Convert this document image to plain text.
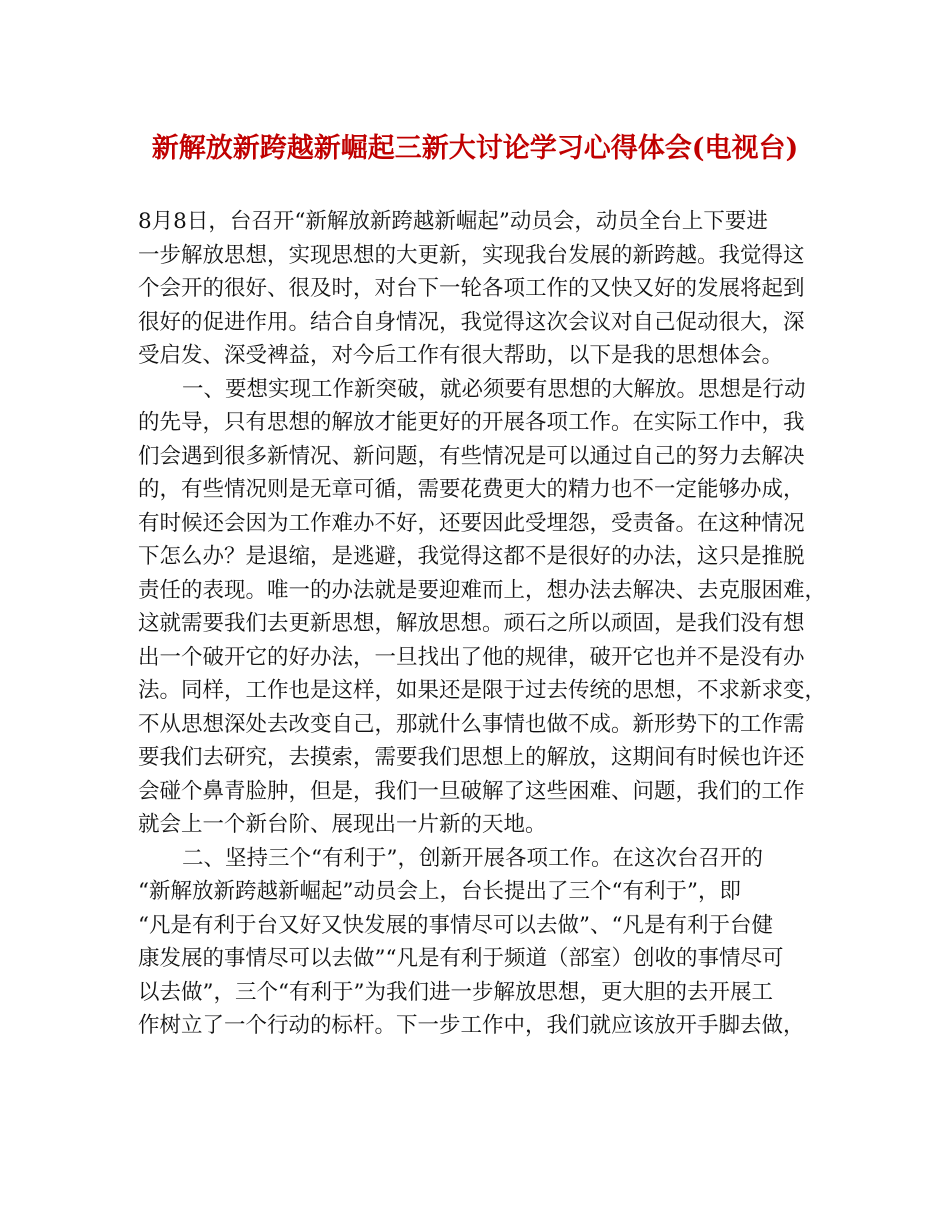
新解放新跨越新崛起三新大讨论学习心得体会(电视台)
8月8日，台召开“新解放新跨越新崛起”动员会，动员全台上下要进
一步解放思想，实现思想的大更新，实现我台发展的新跨越。我觉得这
个会开的很好、很及时，对台下一轮各项工作的又快又好的发展将起到
很好的促进作用。结合自身情况，我觉得这次会议对自己促动很大，深
受启发、深受裨益，对今后工作有很大帮助，以下是我的思想体会。
一、要想实现工作新突破，就必须要有思想的大解放。思想是行动
的先导，只有思想的解放才能更好的开展各项工作。在实际工作中，我
们会遇到很多新情况、新问题，有些情况是可以通过自己的努力去解决
的，有些情况则是无章可循，需要花费更大的精力也不一定能够办成，
有时候还会因为工作难办不好，还要因此受埋怨，受责备。在这种情况
下怎么办？是退缩，是逃避，我觉得这都不是很好的办法，这只是推脱
责任的表现。唯一的办法就是要迎难而上，想办法去解决、去克服困难，
这就需要我们去更新思想，解放思想。顽石之所以顽固，是我们没有想
出一个破开它的好办法，一旦找出了他的规律，破开它也并不是没有办
法。同样，工作也是这样，如果还是限于过去传统的思想，不求新求变，
不从思想深处去改变自己，那就什么事情也做不成。新形势下的工作需
要我们去研究，去摸索，需要我们思想上的解放，这期间有时候也许还
会碰个鼻青脸肿，但是，我们一旦破解了这些困难、问题，我们的工作
就会上一个新台阶、展现出一片新的天地。
二、坚持三个“有利于”，创新开展各项工作。在这次台召开的
“新解放新跨越新崛起”动员会上，台长提出了三个“有利于”，即
“凡是有利于台又好又快发展的事情尽可以去做”、“凡是有利于台健
康发展的事情尽可以去做”“凡是有利于频道（部室）创收的事情尽可
以去做”，三个“有利于”为我们进一步解放思想，更大胆的去开展工
作树立了一个行动的标杆。下一步工作中，我们就应该放开手脚去做，
